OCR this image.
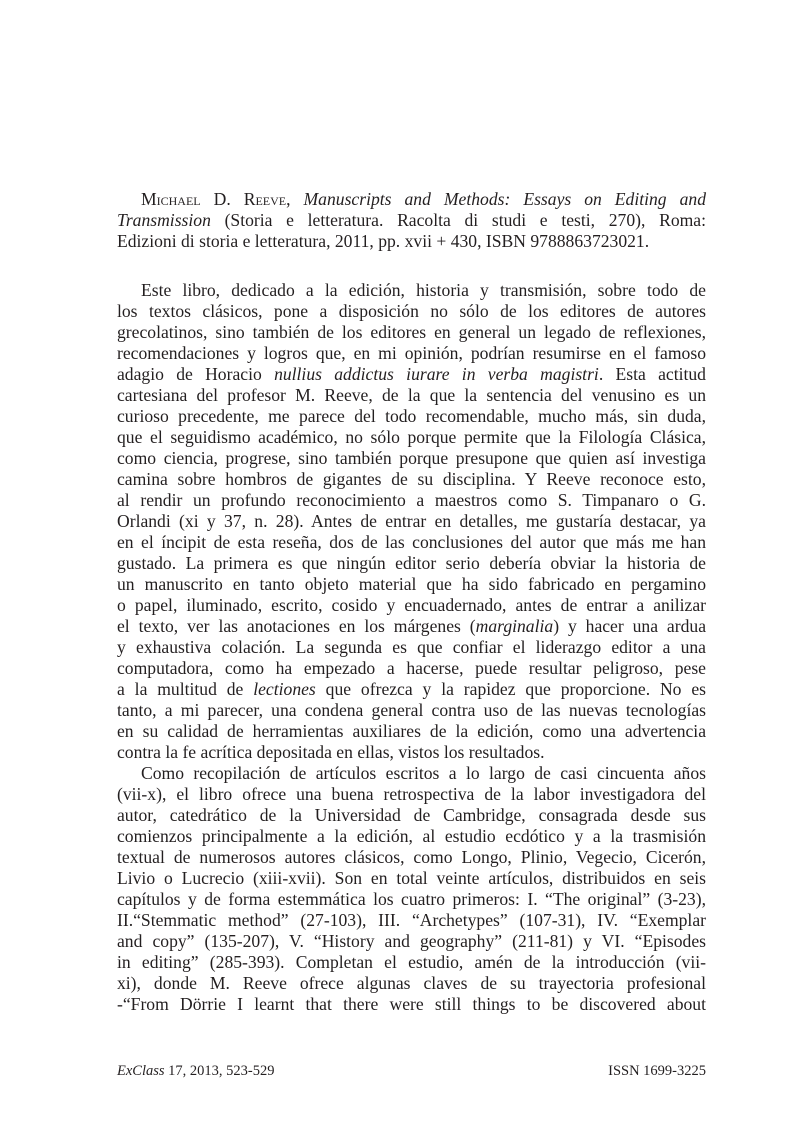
Michael D. Reeve, Manuscripts and Methods: Essays on Editing and
Transmission (Storia e letteratura. Racolta di studi e testi, 270), Roma:
Edizioni di storia e letteratura, 2011, pp. xvii + 430, ISBN 9788863723021.
Este libro, dedicado a la edición, historia y transmisión, sobre todo de
los textos clásicos, pone a disposición no sólo de los editores de autores
grecolatinos, sino también de los editores en general un legado de reflexiones,
recomendaciones y logros que, en mi opinión, podrían resumirse en el famoso
adagio de Horacio nullius addictus iurare in verba magistri. Esta actitud
cartesiana del profesor M. Reeve, de la que la sentencia del venusino es un
curioso precedente, me parece del todo recomendable, mucho más, sin duda,
que el seguidismo académico, no sólo porque permite que la Filología Clásica,
como ciencia, progrese, sino también porque presupone que quien así investiga
camina sobre hombros de gigantes de su disciplina. Y Reeve reconoce esto,
al rendir un profundo reconocimiento a maestros como S. Timpanaro o G.
Orlandi (xi y 37, n. 28). Antes de entrar en detalles, me gustaría destacar, ya
en el íncipit de esta reseña, dos de las conclusiones del autor que más me han
gustado. La primera es que ningún editor serio debería obviar la historia de
un manuscrito en tanto objeto material que ha sido fabricado en pergamino
o papel, iluminado, escrito, cosido y encuadernado, antes de entrar a anilizar
el texto, ver las anotaciones en los márgenes (marginalia) y hacer una ardua
y exhaustiva colación. La segunda es que confiar el liderazgo editor a una
computadora, como ha empezado a hacerse, puede resultar peligroso, pese
a la multitud de lectiones que ofrezca y la rapidez que proporcione. No es
tanto, a mi parecer, una condena general contra uso de las nuevas tecnologías
en su calidad de herramientas auxiliares de la edición, como una advertencia
contra la fe acrítica depositada en ellas, vistos los resultados.
Como recopilación de artículos escritos a lo largo de casi cincuenta años
(vii-x), el libro ofrece una buena retrospectiva de la labor investigadora del
autor, catedrático de la Universidad de Cambridge, consagrada desde sus
comienzos principalmente a la edición, al estudio ecdótico y a la trasmisión
textual de numerosos autores clásicos, como Longo, Plinio, Vegecio, Cicerón,
Livio o Lucrecio (xiii-xvii). Son en total veinte artículos, distribuidos en seis
capítulos y de forma estemmática los cuatro primeros: I. “The original” (3-23),
II.“Stemmatic method” (27-103), III. “Archetypes” (107-31), IV. “Exemplar
and copy” (135-207), V. “History and geography” (211-81) y VI. “Episodes
in editing” (285-393). Completan el estudio, amén de la introducción (vii-
xi), donde M. Reeve ofrece algunas claves de su trayectoria profesional
-“From Dörrie I learnt that there were still things to be discovered about
ExClass 17, 2013, 523-529	ISSN 1699-3225
